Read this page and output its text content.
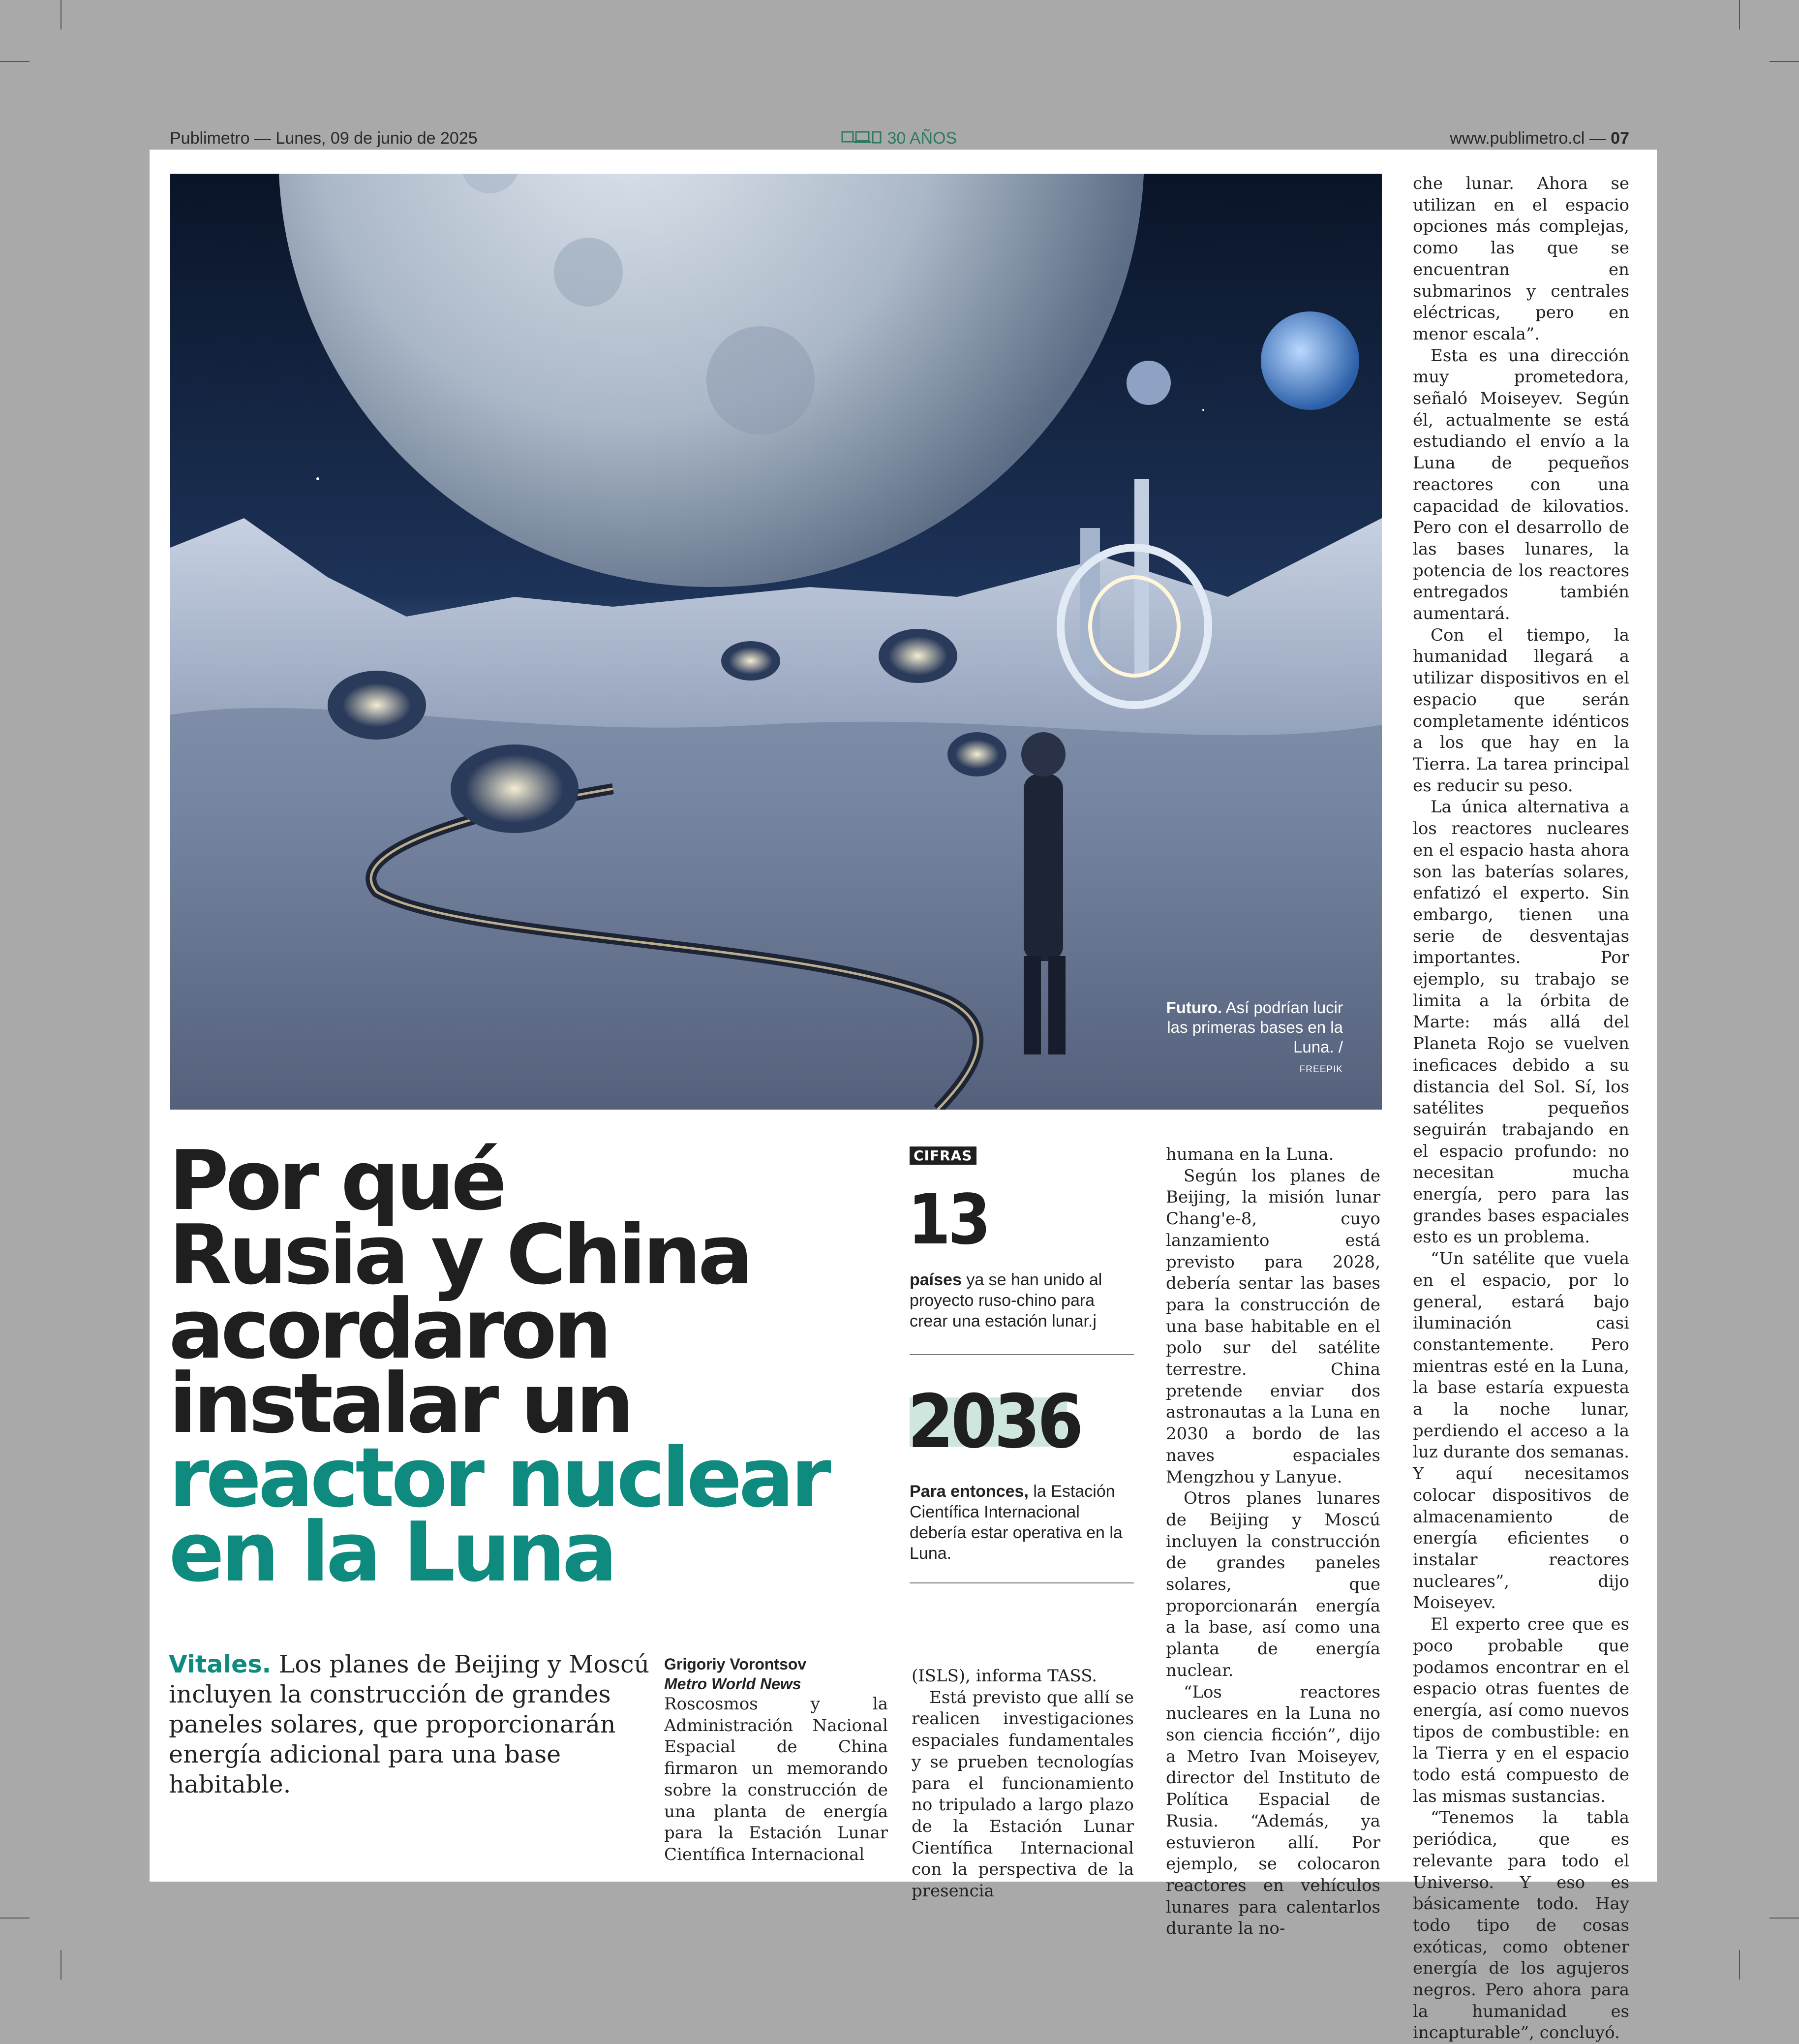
Publimetro — Lunes, 09 de junio de 2025	30 AÑOS	www.publimetro.cl — 07
Futuro. Así podrían lucir las primeras bases en la Luna. /
FREEPIK
Por qué
Rusia y China
acordaron
instalar un
reactor nuclear
en la Luna
Vitales. Los planes de Beijing y Moscú incluyen la construcción de grandes paneles solares, que proporcionarán energía adicional para una base habitable.
Grigoriy Vorontsov
Metro World News

Roscosmos y la Administración Nacional Espacial de China firmaron un memorando sobre la construcción de una planta de energía para la Estación Lunar Científica Internacional

CIFRAS
13
países ya se han unido al proyecto ruso-chino para crear una estación lunar.j
2036
Para entonces, la Estación Científica Internacional debería estar operativa en la Luna.

(ISLS), informa TASS.

Está previsto que allí se realicen investigaciones espaciales fundamentales y se prueben tecnologías para el funcionamiento no tripulado a largo plazo de la Estación Lunar Científica Internacional con la perspectiva de la presencia

humana en la Luna.

Según los planes de Beijing, la misión lunar Chang'e-8, cuyo lanzamiento está previsto para 2028, debería sentar las bases para la construcción de una base habitable en el polo sur del satélite terrestre. China pretende enviar dos astronautas a la Luna en 2030 a bordo de las naves espaciales Mengzhou y Lanyue.

Otros planes lunares de Beijing y Moscú incluyen la construcción de grandes paneles solares, que proporcionarán energía a la base, así como una planta de energía nuclear.

“Los reactores nucleares en la Luna no son ciencia ficción”, dijo a Metro Ivan Moiseyev, director del Instituto de Política Espacial de Rusia. “Además, ya estuvieron allí. Por ejemplo, se colocaron reactores en vehículos lunares para calentarlos durante la no-

che lunar. Ahora se utilizan en el espacio opciones más complejas, como las que se encuentran en submarinos y centrales eléctricas, pero en menor escala”.

Esta es una dirección muy prometedora, señaló Moiseyev. Según él, actualmente se está estudiando el envío a la Luna de pequeños reactores con una capacidad de kilovatios. Pero con el desarrollo de las bases lunares, la potencia de los reactores entregados también aumentará.

Con el tiempo, la humanidad llegará a utilizar dispositivos en el espacio que serán completamente idénticos a los que hay en la Tierra. La tarea principal es reducir su peso.

La única alternativa a los reactores nucleares en el espacio hasta ahora son las baterías solares, enfatizó el experto. Sin embargo, tienen una serie de desventajas importantes. Por ejemplo, su trabajo se limita a la órbita de Marte: más allá del Planeta Rojo se vuelven ineficaces debido a su distancia del Sol. Sí, los satélites pequeños seguirán trabajando en el espacio profundo: no necesitan mucha energía, pero para las grandes bases espaciales esto es un problema.

“Un satélite que vuela en el espacio, por lo general, estará bajo iluminación casi constantemente. Pero mientras esté en la Luna, la base estaría expuesta a la noche lunar, perdiendo el acceso a la luz durante dos semanas. Y aquí necesitamos colocar dispositivos de almacenamiento de energía eficientes o instalar reactores nucleares”, dijo Moiseyev.

El experto cree que es poco probable que podamos encontrar en el espacio otras fuentes de energía, así como nuevos tipos de combustible: en la Tierra y en el espacio todo está compuesto de las mismas sustancias.

“Tenemos la tabla periódica, que es relevante para todo el Universo. Y eso es básicamente todo. Hay todo tipo de cosas exóticas, como obtener energía de los agujeros negros. Pero ahora para la humanidad es incapturable”, concluyó.
